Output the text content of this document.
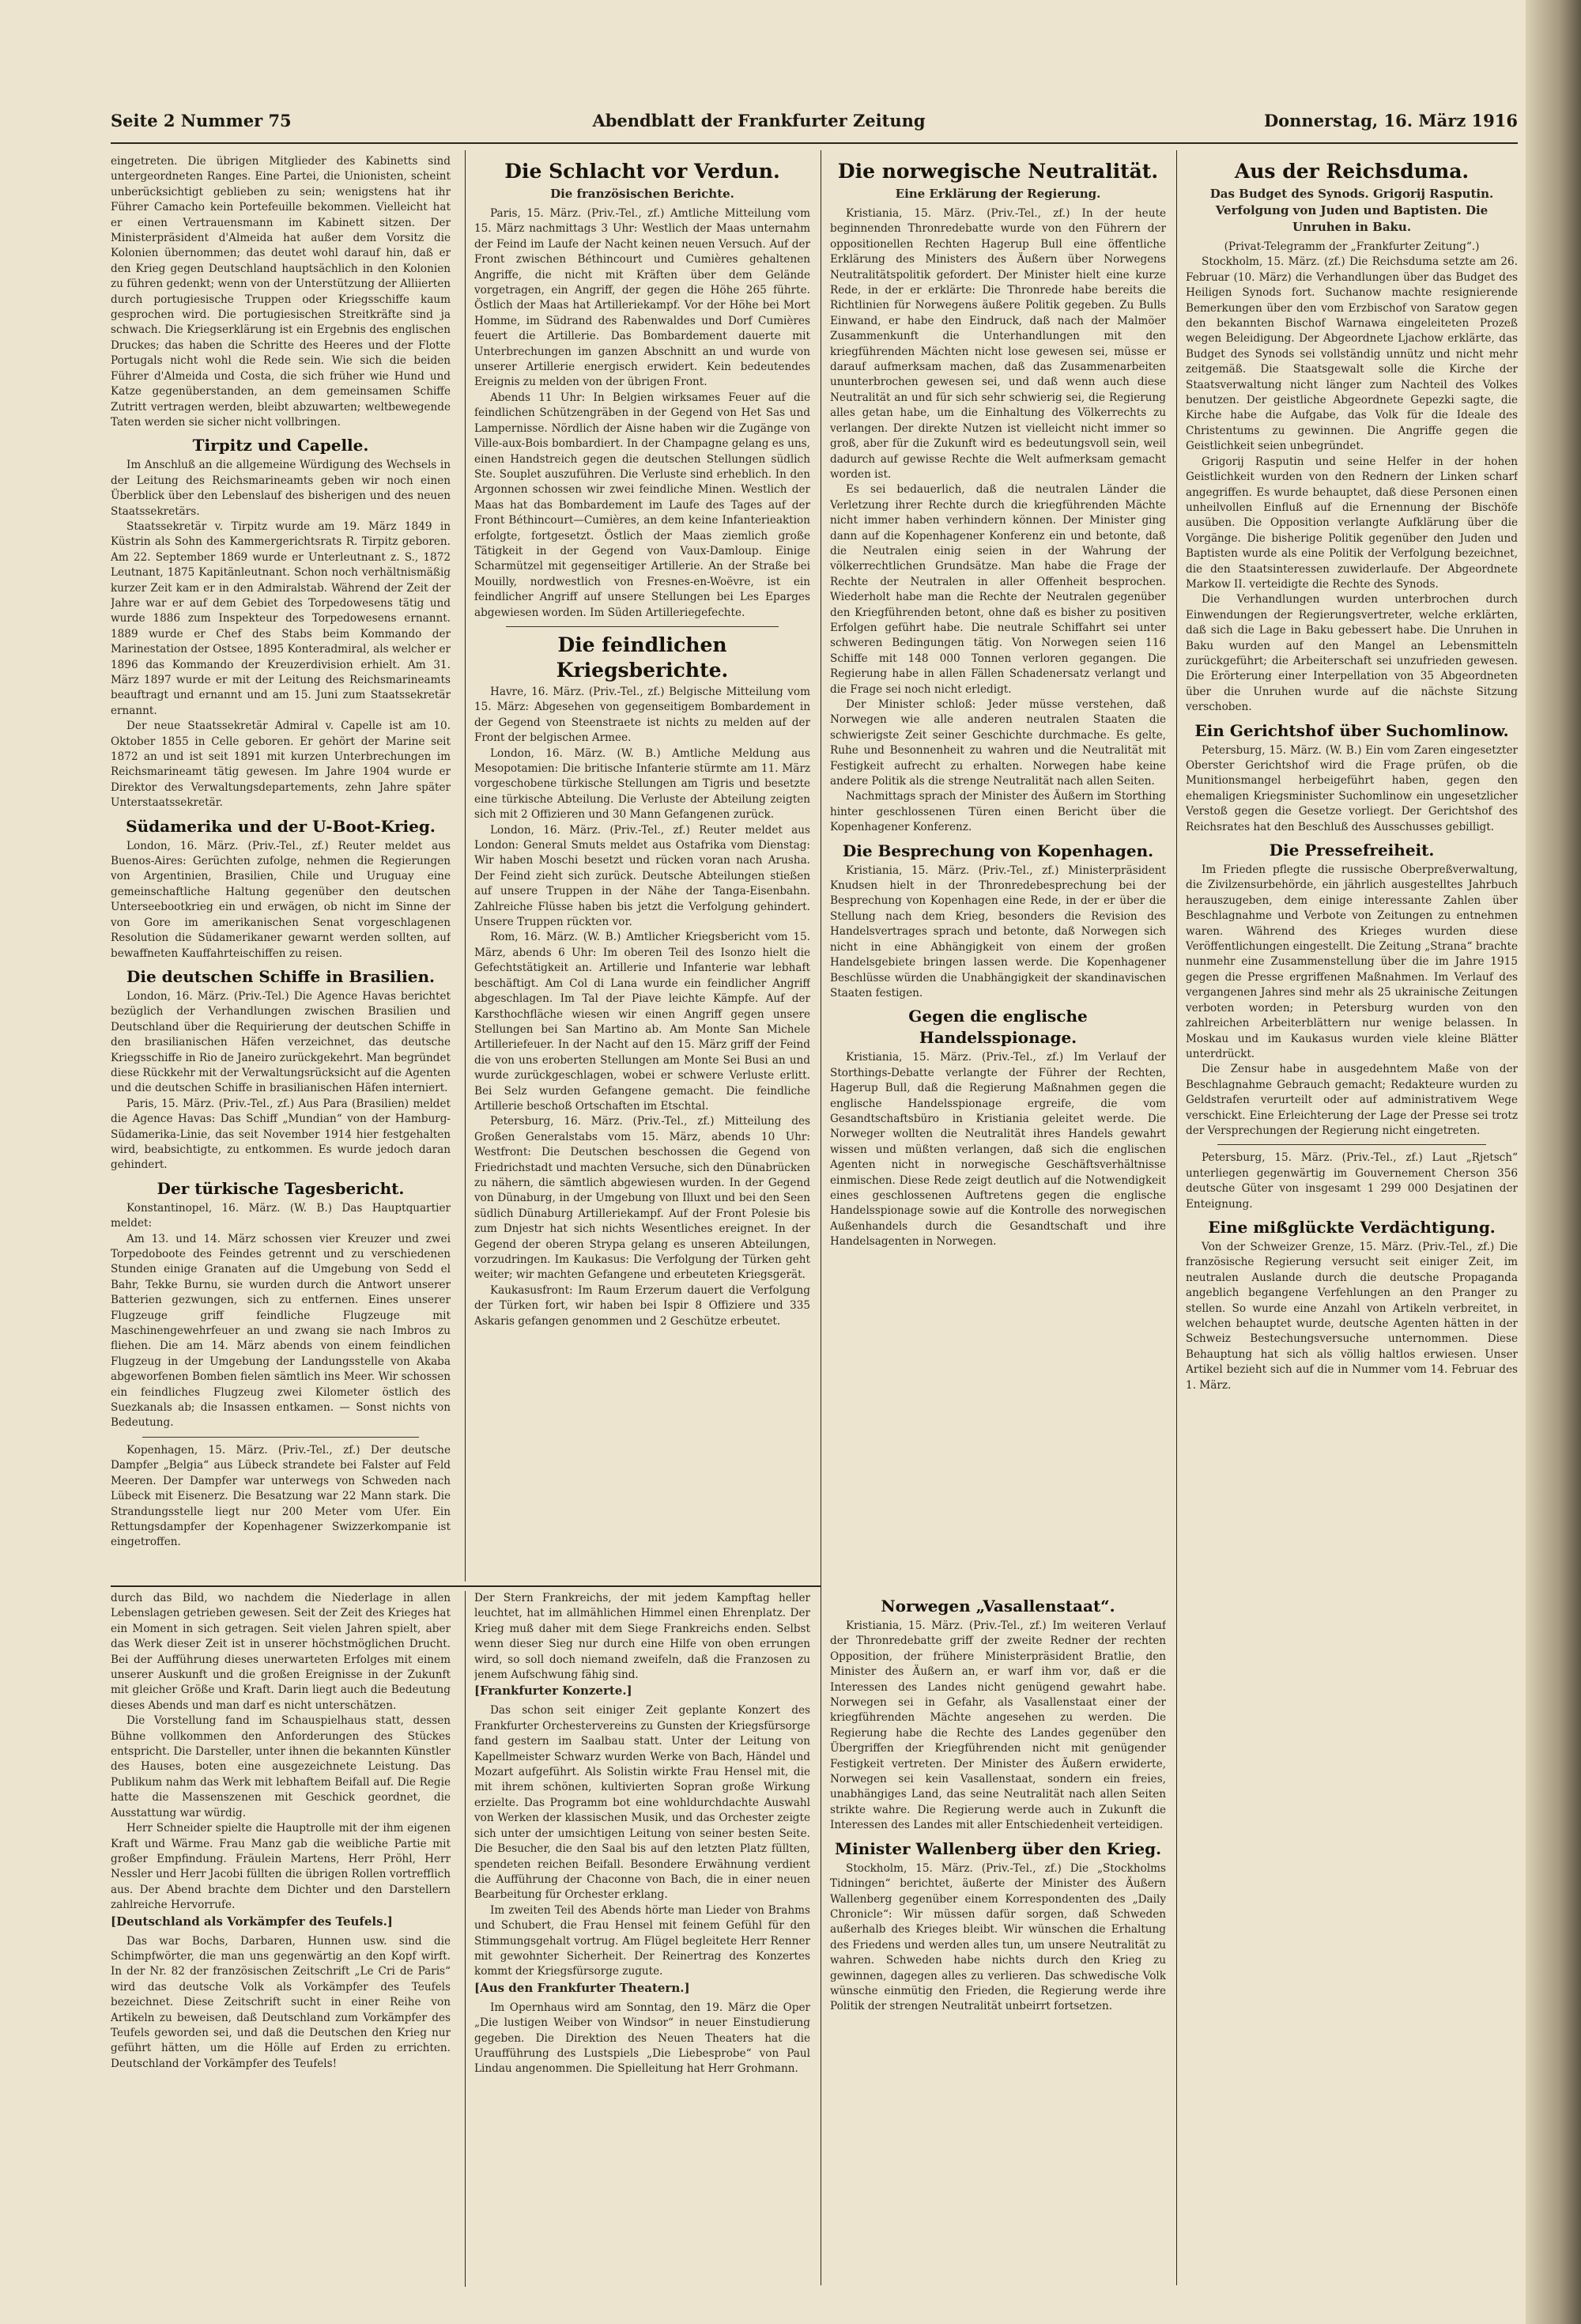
Seite 2 Nummer 75	Abendblatt der Frankfurter Zeitung	Donnerstag, 16. März 1916

eingetreten. Die übrigen Mitglieder des Kabinetts sind untergeordneten Ranges. Eine Partei, die Unionisten, scheint unberücksichtigt geblieben zu sein; wenigstens hat ihr Führer Camacho kein Portefeuille bekommen. Vielleicht hat er einen Vertrauensmann im Kabinett sitzen. Der Ministerpräsident d'Almeida hat außer dem Vorsitz die Kolonien übernommen; das deutet wohl darauf hin, daß er den Krieg gegen Deutschland hauptsächlich in den Kolonien zu führen gedenkt; wenn von der Unterstützung der Alliierten durch portugiesische Truppen oder Kriegsschiffe kaum gesprochen wird. Die portugiesischen Streitkräfte sind ja schwach. Die Kriegserklärung ist ein Ergebnis des englischen Druckes; das haben die Schritte des Heeres und der Flotte Portugals nicht wohl die Rede sein. Wie sich die beiden Führer d'Almeida und Costa, die sich früher wie Hund und Katze gegenüberstanden, an dem gemeinsamen Schiffe Zutritt vertragen werden, bleibt abzuwarten; weltbewegende Taten werden sie sicher nicht vollbringen.

Tirpitz und Capelle.

Im Anschluß an die allgemeine Würdigung des Wechsels in der Leitung des Reichsmarineamts geben wir noch einen Überblick über den Lebenslauf des bisherigen und des neuen Staatssekretärs.

Staatssekretär v. Tirpitz wurde am 19. März 1849 in Küstrin als Sohn des Kammergerichtsrats R. Tirpitz geboren. Am 22. September 1869 wurde er Unterleutnant z. S., 1872 Leutnant, 1875 Kapitänleutnant. Schon noch verhältnismäßig kurzer Zeit kam er in den Admiralstab. Während der Zeit der Jahre war er auf dem Gebiet des Torpedowesens tätig und wurde 1886 zum Inspekteur des Torpedowesens ernannt. 1889 wurde er Chef des Stabs beim Kommando der Marinestation der Ostsee, 1895 Konteradmiral, als welcher er 1896 das Kommando der Kreuzerdivision erhielt. Am 31. März 1897 wurde er mit der Leitung des Reichsmarineamts beauftragt und ernannt und am 15. Juni zum Staatssekretär ernannt.

Der neue Staatssekretär Admiral v. Capelle ist am 10. Oktober 1855 in Celle geboren. Er gehört der Marine seit 1872 an und ist seit 1891 mit kurzen Unterbrechungen im Reichsmarineamt tätig gewesen. Im Jahre 1904 wurde er Direktor des Verwaltungsdepartements, zehn Jahre später Unterstaatssekretär.

Südamerika und der U-Boot-Krieg.

London, 16. März. (Priv.-Tel., zf.) Reuter meldet aus Buenos-Aires: Gerüchten zufolge, nehmen die Regierungen von Argentinien, Brasilien, Chile und Uruguay eine gemeinschaftliche Haltung gegenüber den deutschen Unterseebootkrieg ein und erwägen, ob nicht im Sinne der von Gore im amerikanischen Senat vorgeschlagenen Resolution die Südamerikaner gewarnt werden sollten, auf bewaffneten Kauffahrteischiffen zu reisen.

Die deutschen Schiffe in Brasilien.

London, 16. März. (Priv.-Tel.) Die Agence Havas berichtet bezüglich der Verhandlungen zwischen Brasilien und Deutschland über die Requirierung der deutschen Schiffe in den brasilianischen Häfen verzeichnet, das deutsche Kriegsschiffe in Rio de Janeiro zurückgekehrt. Man begründet diese Rückkehr mit der Verwaltungsrücksicht auf die Agenten und die deutschen Schiffe in brasilianischen Häfen interniert.

Paris, 15. März. (Priv.-Tel., zf.) Aus Para (Brasilien) meldet die Agence Havas: Das Schiff „Mundian“ von der Hamburg-Südamerika-Linie, das seit November 1914 hier festgehalten wird, beabsichtigte, zu entkommen. Es wurde jedoch daran gehindert.

Der türkische Tagesbericht.

Konstantinopel, 16. März. (W. B.) Das Hauptquartier meldet:

Am 13. und 14. März schossen vier Kreuzer und zwei Torpedoboote des Feindes getrennt und zu verschiedenen Stunden einige Granaten auf die Umgebung von Sedd el Bahr, Tekke Burnu, sie wurden durch die Antwort unserer Batterien gezwungen, sich zu entfernen. Eines unserer Flugzeuge griff feindliche Flugzeuge mit Maschinengewehrfeuer an und zwang sie nach Imbros zu fliehen. Die am 14. März abends von einem feindlichen Flugzeug in der Umgebung der Landungsstelle von Akaba abgeworfenen Bomben fielen sämtlich ins Meer. Wir schossen ein feindliches Flugzeug zwei Kilometer östlich des Suezkanals ab; die Insassen entkamen. — Sonst nichts von Bedeutung.

Kopenhagen, 15. März. (Priv.-Tel., zf.) Der deutsche Dampfer „Belgia“ aus Lübeck strandete bei Falster auf Feld Meeren. Der Dampfer war unterwegs von Schweden nach Lübeck mit Eisenerz. Die Besatzung war 22 Mann stark. Die Strandungsstelle liegt nur 200 Meter vom Ufer. Ein Rettungsdampfer der Kopenhagener Swizzerkompanie ist eingetroffen.

Die Schlacht vor Verdun.
Die französischen Berichte.

Paris, 15. März. (Priv.-Tel., zf.) Amtliche Mitteilung vom 15. März nachmittags 3 Uhr: Westlich der Maas unternahm der Feind im Laufe der Nacht keinen neuen Versuch. Auf der Front zwischen Béthincourt und Cumières gehaltenen Angriffe, die nicht mit Kräften über dem Gelände vorgetragen, ein Angriff, der gegen die Höhe 265 führte. Östlich der Maas hat Artilleriekampf. Vor der Höhe bei Mort Homme, im Südrand des Rabenwaldes und Dorf Cumières feuert die Artillerie. Das Bombardement dauerte mit Unterbrechungen im ganzen Abschnitt an und wurde von unserer Artillerie energisch erwidert. Kein bedeutendes Ereignis zu melden von der übrigen Front.

Abends 11 Uhr: In Belgien wirksames Feuer auf die feindlichen Schützengräben in der Gegend von Het Sas und Lampernisse. Nördlich der Aisne haben wir die Zugänge von Ville-aux-Bois bombardiert. In der Champagne gelang es uns, einen Handstreich gegen die deutschen Stellungen südlich Ste. Souplet auszuführen. Die Verluste sind erheblich. In den Argonnen schossen wir zwei feindliche Minen. Westlich der Maas hat das Bombardement im Laufe des Tages auf der Front Béthincourt—Cumières, an dem keine Infanterieaktion erfolgte, fortgesetzt. Östlich der Maas ziemlich große Tätigkeit in der Gegend von Vaux-Damloup. Einige Scharmützel mit gegenseitiger Artillerie. An der Straße bei Mouilly, nordwestlich von Fresnes-en-Woëvre, ist ein feindlicher Angriff auf unsere Stellungen bei Les Eparges abgewiesen worden. Im Süden Artilleriegefechte.

Die feindlichen Kriegsberichte.

Havre, 16. März. (Priv.-Tel., zf.) Belgische Mitteilung vom 15. März: Abgesehen von gegenseitigem Bombardement in der Gegend von Steenstraete ist nichts zu melden auf der Front der belgischen Armee.

London, 16. März. (W. B.) Amtliche Meldung aus Mesopotamien: Die britische Infanterie stürmte am 11. März vorgeschobene türkische Stellungen am Tigris und besetzte eine türkische Abteilung. Die Verluste der Abteilung zeigten sich mit 2 Offizieren und 30 Mann Gefangenen zurück.

London, 16. März. (Priv.-Tel., zf.) Reuter meldet aus London: General Smuts meldet aus Ostafrika vom Dienstag: Wir haben Moschi besetzt und rücken voran nach Arusha. Der Feind zieht sich zurück. Deutsche Abteilungen stießen auf unsere Truppen in der Nähe der Tanga-Eisenbahn. Zahlreiche Flüsse haben bis jetzt die Verfolgung gehindert. Unsere Truppen rückten vor.

Rom, 16. März. (W. B.) Amtlicher Kriegsbericht vom 15. März, abends 6 Uhr: Im oberen Teil des Isonzo hielt die Gefechtstätigkeit an. Artillerie und Infanterie war lebhaft beschäftigt. Am Col di Lana wurde ein feindlicher Angriff abgeschlagen. Im Tal der Piave leichte Kämpfe. Auf der Karsthochfläche wiesen wir einen Angriff gegen unsere Stellungen bei San Martino ab. Am Monte San Michele Artilleriefeuer. In der Nacht auf den 15. März griff der Feind die von uns eroberten Stellungen am Monte Sei Busi an und wurde zurückgeschlagen, wobei er schwere Verluste erlitt. Bei Selz wurden Gefangene gemacht. Die feindliche Artillerie beschoß Ortschaften im Etschtal.

Petersburg, 16. März. (Priv.-Tel., zf.) Mitteilung des Großen Generalstabs vom 15. März, abends 10 Uhr: Westfront: Die Deutschen beschossen die Gegend von Friedrichstadt und machten Versuche, sich den Dünabrücken zu nähern, die sämtlich abgewiesen wurden. In der Gegend von Dünaburg, in der Umgebung von Illuxt und bei den Seen südlich Dünaburg Artilleriekampf. Auf der Front Polesie bis zum Dnjestr hat sich nichts Wesentliches ereignet. In der Gegend der oberen Strypa gelang es unseren Abteilungen, vorzudringen. Im Kaukasus: Die Verfolgung der Türken geht weiter; wir machten Gefangene und erbeuteten Kriegsgerät.

Kaukasusfront: Im Raum Erzerum dauert die Verfolgung der Türken fort, wir haben bei Ispir 8 Offiziere und 335 Askaris gefangen genommen und 2 Geschütze erbeutet.

Die norwegische Neutralität.
Eine Erklärung der Regierung.

Kristiania, 15. März. (Priv.-Tel., zf.) In der heute beginnenden Thronredebatte wurde von den Führern der oppositionellen Rechten Hagerup Bull eine öffentliche Erklärung des Ministers des Äußern über Norwegens Neutralitätspolitik gefordert. Der Minister hielt eine kurze Rede, in der er erklärte: Die Thronrede habe bereits die Richtlinien für Norwegens äußere Politik gegeben. Zu Bulls Einwand, er habe den Eindruck, daß nach der Malmöer Zusammenkunft die Unterhandlungen mit den kriegführenden Mächten nicht lose gewesen sei, müsse er darauf aufmerksam machen, daß das Zusammenarbeiten ununterbrochen gewesen sei, und daß wenn auch diese Neutralität an und für sich sehr schwierig sei, die Regierung alles getan habe, um die Einhaltung des Völkerrechts zu verlangen. Der direkte Nutzen ist vielleicht nicht immer so groß, aber für die Zukunft wird es bedeutungsvoll sein, weil dadurch auf gewisse Rechte die Welt aufmerksam gemacht worden ist.

Es sei bedauerlich, daß die neutralen Länder die Verletzung ihrer Rechte durch die kriegführenden Mächte nicht immer haben verhindern können. Der Minister ging dann auf die Kopenhagener Konferenz ein und betonte, daß die Neutralen einig seien in der Wahrung der völkerrechtlichen Grundsätze. Man habe die Frage der Rechte der Neutralen in aller Offenheit besprochen. Wiederholt habe man die Rechte der Neutralen gegenüber den Kriegführenden betont, ohne daß es bisher zu positiven Erfolgen geführt habe. Die neutrale Schiffahrt sei unter schweren Bedingungen tätig. Von Norwegen seien 116 Schiffe mit 148 000 Tonnen verloren gegangen. Die Regierung habe in allen Fällen Schadenersatz verlangt und die Frage sei noch nicht erledigt.

Der Minister schloß: Jeder müsse verstehen, daß Norwegen wie alle anderen neutralen Staaten die schwierigste Zeit seiner Geschichte durchmache. Es gelte, Ruhe und Besonnenheit zu wahren und die Neutralität mit Festigkeit aufrecht zu erhalten. Norwegen habe keine andere Politik als die strenge Neutralität nach allen Seiten.

Nachmittags sprach der Minister des Äußern im Storthing hinter geschlossenen Türen einen Bericht über die Kopenhagener Konferenz.

Die Besprechung von Kopenhagen.

Kristiania, 15. März. (Priv.-Tel., zf.) Ministerpräsident Knudsen hielt in der Thronredebesprechung bei der Besprechung von Kopenhagen eine Rede, in der er über die Stellung nach dem Krieg, besonders die Revision des Handelsvertrages sprach und betonte, daß Norwegen sich nicht in eine Abhängigkeit von einem der großen Handelsgebiete bringen lassen werde. Die Kopenhagener Beschlüsse würden die Unabhängigkeit der skandinavischen Staaten festigen.

Gegen die englische Handelsspionage.

Kristiania, 15. März. (Priv.-Tel., zf.) Im Verlauf der Storthings-Debatte verlangte der Führer der Rechten, Hagerup Bull, daß die Regierung Maßnahmen gegen die englische Handelsspionage ergreife, die vom Gesandtschaftsbüro in Kristiania geleitet werde. Die Norweger wollten die Neutralität ihres Handels gewahrt wissen und müßten verlangen, daß sich die englischen Agenten nicht in norwegische Geschäftsverhältnisse einmischen. Diese Rede zeigt deutlich auf die Notwendigkeit eines geschlossenen Auftretens gegen die englische Handelsspionage sowie auf die Kontrolle des norwegischen Außenhandels durch die Gesandtschaft und ihre Handelsagenten in Norwegen.

Aus der Reichsduma.
Das Budget des Synods. Grigorij Rasputin. Verfolgung von Juden und Baptisten. Die Unruhen in Baku.

(Privat-Telegramm der „Frankfurter Zeitung“.)

Stockholm, 15. März. (zf.) Die Reichsduma setzte am 26. Februar (10. März) die Verhandlungen über das Budget des Heiligen Synods fort. Suchanow machte resignierende Bemerkungen über den vom Erzbischof von Saratow gegen den bekannten Bischof Warnawa eingeleiteten Prozeß wegen Beleidigung. Der Abgeordnete Ljachow erklärte, das Budget des Synods sei vollständig unnütz und nicht mehr zeitgemäß. Die Staatsgewalt solle die Kirche der Staatsverwaltung nicht länger zum Nachteil des Volkes benutzen. Der geistliche Abgeordnete Gepezki sagte, die Kirche habe die Aufgabe, das Volk für die Ideale des Christentums zu gewinnen. Die Angriffe gegen die Geistlichkeit seien unbegründet.

Grigorij Rasputin und seine Helfer in der hohen Geistlichkeit wurden von den Rednern der Linken scharf angegriffen. Es wurde behauptet, daß diese Personen einen unheilvollen Einfluß auf die Ernennung der Bischöfe ausüben. Die Opposition verlangte Aufklärung über die Vorgänge. Die bisherige Politik gegenüber den Juden und Baptisten wurde als eine Politik der Verfolgung bezeichnet, die den Staatsinteressen zuwiderlaufe. Der Abgeordnete Markow II. verteidigte die Rechte des Synods.

Die Verhandlungen wurden unterbrochen durch Einwendungen der Regierungsvertreter, welche erklärten, daß sich die Lage in Baku gebessert habe. Die Unruhen in Baku wurden auf den Mangel an Lebensmitteln zurückgeführt; die Arbeiterschaft sei unzufrieden gewesen. Die Erörterung einer Interpellation von 35 Abgeordneten über die Unruhen wurde auf die nächste Sitzung verschoben.

Ein Gerichtshof über Suchomlinow.

Petersburg, 15. März. (W. B.) Ein vom Zaren eingesetzter Oberster Gerichtshof wird die Frage prüfen, ob die Munitionsmangel herbeigeführt haben, gegen den ehemaligen Kriegsminister Suchomlinow ein ungesetzlicher Verstoß gegen die Gesetze vorliegt. Der Gerichtshof des Reichsrates hat den Beschluß des Ausschusses gebilligt.

Die Pressefreiheit.

Im Frieden pflegte die russische Oberpreßverwaltung, die Zivilzensurbehörde, ein jährlich ausgestelltes Jahrbuch herauszugeben, dem einige interessante Zahlen über Beschlagnahme und Verbote von Zeitungen zu entnehmen waren. Während des Krieges wurden diese Veröffentlichungen eingestellt. Die Zeitung „Strana“ brachte nunmehr eine Zusammenstellung über die im Jahre 1915 gegen die Presse ergriffenen Maßnahmen. Im Verlauf des vergangenen Jahres sind mehr als 25 ukrainische Zeitungen verboten worden; in Petersburg wurden von den zahlreichen Arbeiterblättern nur wenige belassen. In Moskau und im Kaukasus wurden viele kleine Blätter unterdrückt.

Die Zensur habe in ausgedehntem Maße von der Beschlagnahme Gebrauch gemacht; Redakteure wurden zu Geldstrafen verurteilt oder auf administrativem Wege verschickt. Eine Erleichterung der Lage der Presse sei trotz der Versprechungen der Regierung nicht eingetreten.

Petersburg, 15. März. (Priv.-Tel., zf.) Laut „Rjetsch“ unterliegen gegenwärtig im Gouvernement Cherson 356 deutsche Güter von insgesamt 1 299 000 Desjatinen der Enteignung.

Eine mißglückte Verdächtigung.

Von der Schweizer Grenze, 15. März. (Priv.-Tel., zf.) Die französische Regierung versucht seit einiger Zeit, im neutralen Auslande durch die deutsche Propaganda angeblich begangene Verfehlungen an den Pranger zu stellen. So wurde eine Anzahl von Artikeln verbreitet, in welchen behauptet wurde, deutsche Agenten hätten in der Schweiz Bestechungsversuche unternommen. Diese Behauptung hat sich als völlig haltlos erwiesen. Unser Artikel bezieht sich auf die in Nummer vom 14. Februar des 1. März.

durch das Bild, wo nachdem die Niederlage in allen Lebenslagen getrieben gewesen. Seit der Zeit des Krieges hat ein Moment in sich getragen. Seit vielen Jahren spielt, aber das Werk dieser Zeit ist in unserer höchstmöglichen Drucht. Bei der Aufführung dieses unerwarteten Erfolges mit einem unserer Auskunft und die großen Ereignisse in der Zukunft mit gleicher Größe und Kraft. Darin liegt auch die Bedeutung dieses Abends und man darf es nicht unterschätzen.

Die Vorstellung fand im Schauspielhaus statt, dessen Bühne vollkommen den Anforderungen des Stückes entspricht. Die Darsteller, unter ihnen die bekannten Künstler des Hauses, boten eine ausgezeichnete Leistung. Das Publikum nahm das Werk mit lebhaftem Beifall auf. Die Regie hatte die Massenszenen mit Geschick geordnet, die Ausstattung war würdig.

Herr Schneider spielte die Hauptrolle mit der ihm eigenen Kraft und Wärme. Frau Manz gab die weibliche Partie mit großer Empfindung. Fräulein Martens, Herr Pröhl, Herr Nessler und Herr Jacobi füllten die übrigen Rollen vortrefflich aus. Der Abend brachte dem Dichter und den Darstellern zahlreiche Hervorrufe.

[Deutschland als Vorkämpfer des Teufels.]

Das war Bochs, Darbaren, Hunnen usw. sind die Schimpfwörter, die man uns gegenwärtig an den Kopf wirft. In der Nr. 82 der französischen Zeitschrift „Le Cri de Paris“ wird das deutsche Volk als Vorkämpfer des Teufels bezeichnet. Diese Zeitschrift sucht in einer Reihe von Artikeln zu beweisen, daß Deutschland zum Vorkämpfer des Teufels geworden sei, und daß die Deutschen den Krieg nur geführt hätten, um die Hölle auf Erden zu errichten. Deutschland der Vorkämpfer des Teufels!

Der Stern Frankreichs, der mit jedem Kampftag heller leuchtet, hat im allmählichen Himmel einen Ehrenplatz. Der Krieg muß daher mit dem Siege Frankreichs enden. Selbst wenn dieser Sieg nur durch eine Hilfe von oben errungen wird, so soll doch niemand zweifeln, daß die Franzosen zu jenem Aufschwung fähig sind.

[Frankfurter Konzerte.]

Das schon seit einiger Zeit geplante Konzert des Frankfurter Orchestervereins zu Gunsten der Kriegsfürsorge fand gestern im Saalbau statt. Unter der Leitung von Kapellmeister Schwarz wurden Werke von Bach, Händel und Mozart aufgeführt. Als Solistin wirkte Frau Hensel mit, die mit ihrem schönen, kultivierten Sopran große Wirkung erzielte. Das Programm bot eine wohldurchdachte Auswahl von Werken der klassischen Musik, und das Orchester zeigte sich unter der umsichtigen Leitung von seiner besten Seite. Die Besucher, die den Saal bis auf den letzten Platz füllten, spendeten reichen Beifall. Besondere Erwähnung verdient die Aufführung der Chaconne von Bach, die in einer neuen Bearbeitung für Orchester erklang.

Im zweiten Teil des Abends hörte man Lieder von Brahms und Schubert, die Frau Hensel mit feinem Gefühl für den Stimmungsgehalt vortrug. Am Flügel begleitete Herr Renner mit gewohnter Sicherheit. Der Reinertrag des Konzertes kommt der Kriegsfürsorge zugute.

[Aus den Frankfurter Theatern.]

Im Opernhaus wird am Sonntag, den 19. März die Oper „Die lustigen Weiber von Windsor“ in neuer Einstudierung gegeben. Die Direktion des Neuen Theaters hat die Uraufführung des Lustspiels „Die Liebesprobe“ von Paul Lindau angenommen. Die Spielleitung hat Herr Grohmann.

Norwegen „Vasallenstaat“.

Kristiania, 15. März. (Priv.-Tel., zf.) Im weiteren Verlauf der Thronredebatte griff der zweite Redner der rechten Opposition, der frühere Ministerpräsident Bratlie, den Minister des Äußern an, er warf ihm vor, daß er die Interessen des Landes nicht genügend gewahrt habe. Norwegen sei in Gefahr, als Vasallenstaat einer der kriegführenden Mächte angesehen zu werden. Die Regierung habe die Rechte des Landes gegenüber den Übergriffen der Kriegführenden nicht mit genügender Festigkeit vertreten. Der Minister des Äußern erwiderte, Norwegen sei kein Vasallenstaat, sondern ein freies, unabhängiges Land, das seine Neutralität nach allen Seiten strikte wahre. Die Regierung werde auch in Zukunft die Interessen des Landes mit aller Entschiedenheit verteidigen.

Minister Wallenberg über den Krieg.

Stockholm, 15. März. (Priv.-Tel., zf.) Die „Stockholms Tidningen“ berichtet, äußerte der Minister des Äußern Wallenberg gegenüber einem Korrespondenten des „Daily Chronicle“: Wir müssen dafür sorgen, daß Schweden außerhalb des Krieges bleibt. Wir wünschen die Erhaltung des Friedens und werden alles tun, um unsere Neutralität zu wahren. Schweden habe nichts durch den Krieg zu gewinnen, dagegen alles zu verlieren. Das schwedische Volk wünsche einmütig den Frieden, die Regierung werde ihre Politik der strengen Neutralität unbeirrt fortsetzen.
